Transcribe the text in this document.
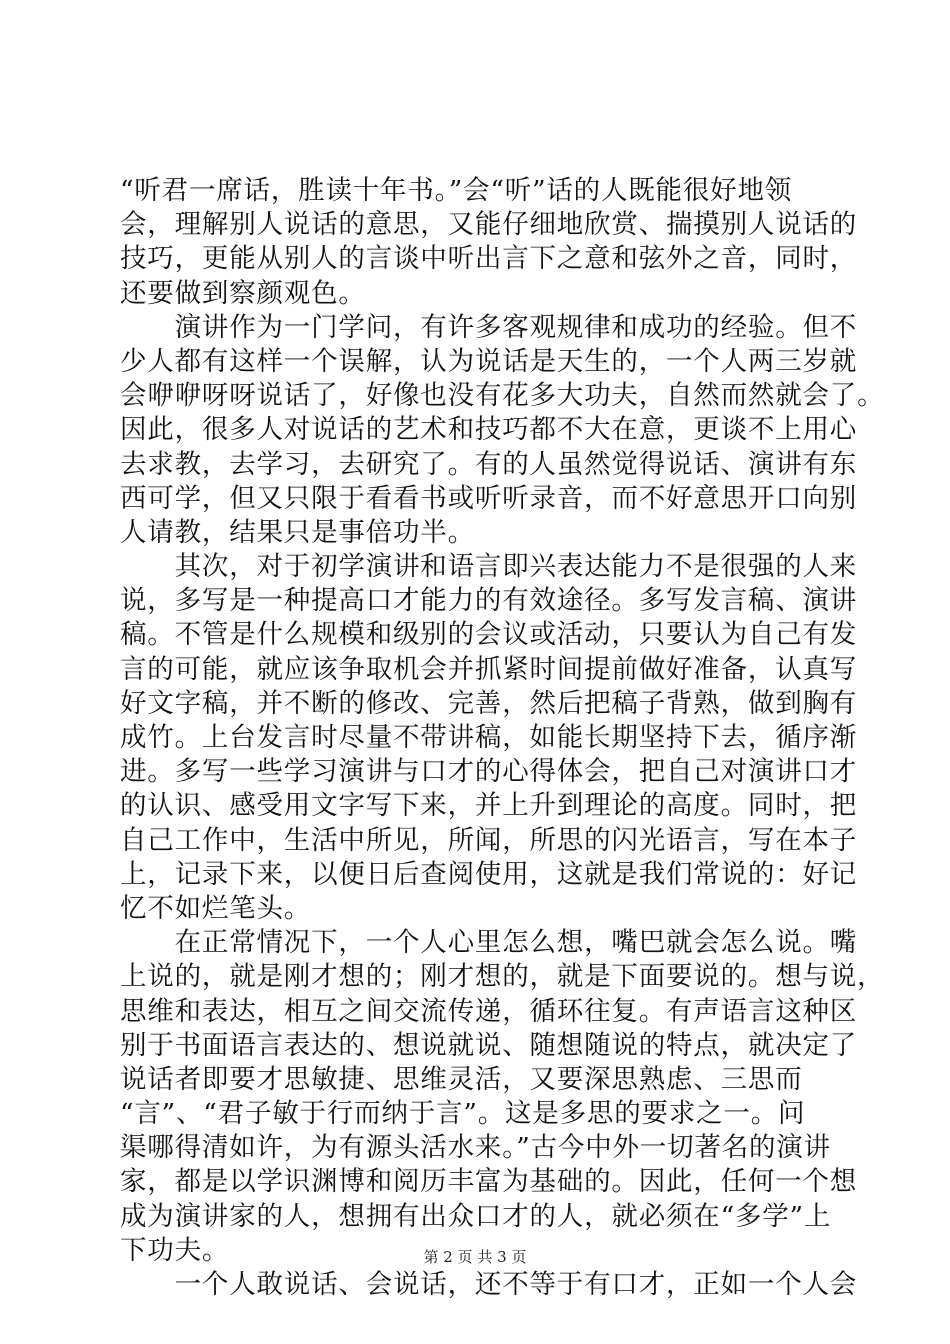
“听君一席话，胜读十年书。”会“听”话的人既能很好地领
会，理解别人说话的意思，又能仔细地欣赏、揣摸别人说话的
技巧，更能从别人的言谈中听出言下之意和弦外之音，同时，
还要做到察颜观色。
　　演讲作为一门学问，有许多客观规律和成功的经验。但不
少人都有这样一个误解，认为说话是天生的，一个人两三岁就
会咿咿呀呀说话了，好像也没有花多大功夫，自然而然就会了。
因此，很多人对说话的艺术和技巧都不大在意，更谈不上用心
去求教，去学习，去研究了。有的人虽然觉得说话、演讲有东
西可学，但又只限于看看书或听听录音，而不好意思开口向别
人请教，结果只是事倍功半。
　　其次，对于初学演讲和语言即兴表达能力不是很强的人来
说，多写是一种提高口才能力的有效途径。多写发言稿、演讲
稿。不管是什么规模和级别的会议或活动，只要认为自己有发
言的可能，就应该争取机会并抓紧时间提前做好准备，认真写
好文字稿，并不断的修改、完善，然后把稿子背熟，做到胸有
成竹。上台发言时尽量不带讲稿，如能长期坚持下去，循序渐
进。多写一些学习演讲与口才的心得体会，把自己对演讲口才
的认识、感受用文字写下来，并上升到理论的高度。同时，把
自己工作中，生活中所见，所闻，所思的闪光语言，写在本子
上，记录下来，以便日后查阅使用，这就是我们常说的：好记
忆不如烂笔头。
　　在正常情况下，一个人心里怎么想，嘴巴就会怎么说。嘴
上说的，就是刚才想的；刚才想的，就是下面要说的。想与说，
思维和表达，相互之间交流传递，循环往复。有声语言这种区
别于书面语言表达的、想说就说、随想随说的特点，就决定了
说话者即要才思敏捷、思维灵活，又要深思熟虑、三思而
“言”、“君子敏于行而纳于言”。这是多思的要求之一。问
渠哪得清如许，为有源头活水来。”古今中外一切著名的演讲
家，都是以学识渊博和阅历丰富为基础的。因此，任何一个想
成为演讲家的人，想拥有出众口才的人，就必须在“多学”上
下功夫。
　　一个人敢说话、会说话，还不等于有口才，正如一个人会
第 2 页 共 3 页
